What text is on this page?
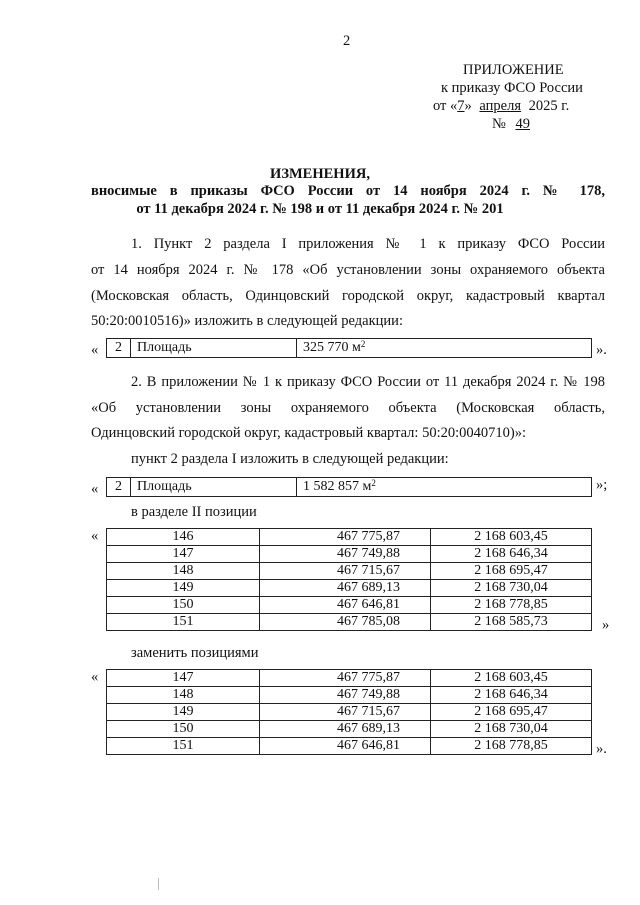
2
ПРИЛОЖЕНИЕ
к приказу ФСО России
от «7» апреля 2025 г.
№ 49
ИЗМЕНЕНИЯ,
вносимые в приказы ФСО России от 14 ноября 2024 г. № 178,
от 11 декабря 2024 г. № 198 и от 11 декабря 2024 г. № 201
1. Пункт 2 раздела I приложения № 1 к приказу ФСО России
от 14 ноября 2024 г. № 178 «Об установлении зоны охраняемого объекта
(Московская область, Одинцовский городской округ, кадастровый квартал
50:20:0010516)» изложить в следующей редакции:
«	2	Площадь	325 770 $м^2$	».
2. В приложении № 1 к приказу ФСО России от 11 декабря 2024 г. № 198
«Об установлении зоны охраняемого объекта (Московская область,
Одинцовский городской округ, кадастровый квартал: 50:20:0040710)»:
пункт 2 раздела I изложить в следующей редакции:
«	2	Площадь	1 582 857 $м^2$	»;
в разделе II позиции
«	146	467 775,87	2 168 603,45
147	467 749,88	2 168 646,34
148	467 715,67	2 168 695,47
149	467 689,13	2 168 730,04
150	467 646,81	2 168 778,85
151	467 785,08	2 168 585,73	»
заменить позициями
«	147	467 775,87	2 168 603,45
148	467 749,88	2 168 646,34
149	467 715,67	2 168 695,47
150	467 689,13	2 168 730,04
151	467 646,81	2 168 778,85	».
